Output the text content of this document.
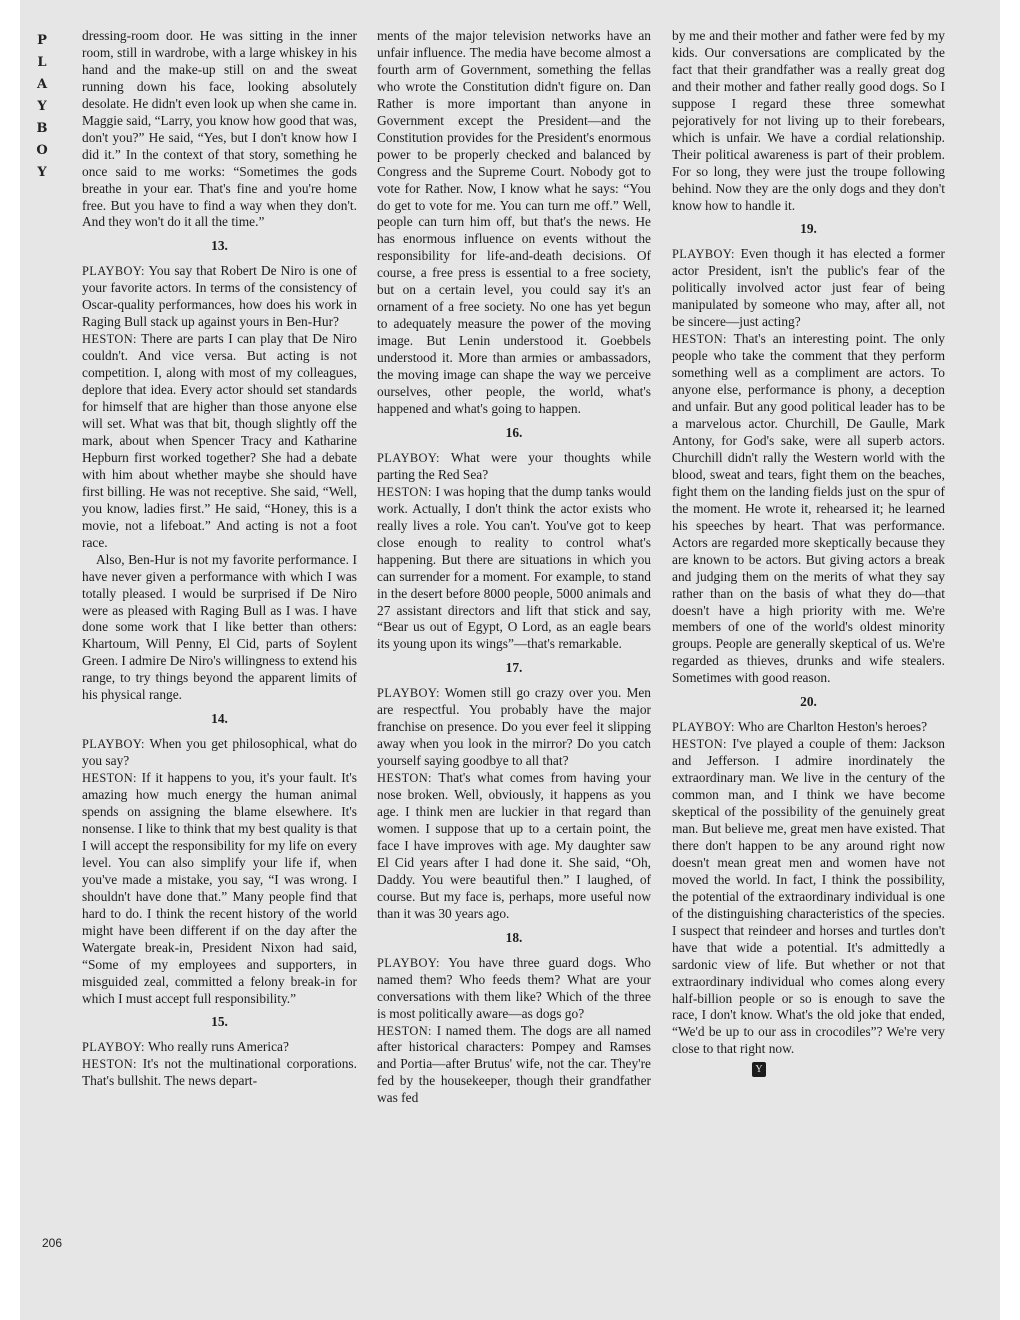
P
L
A
Y
B
O
Y

dressing-room door. He was sitting in the inner room, still in wardrobe, with a large whiskey in his hand and the make-up still on and the sweat running down his face, looking absolutely desolate. He didn't even look up when she came in. Maggie said, “Larry, you know how good that was, don't you?” He said, “Yes, but I don't know how I did it.” In the context of that story, something he once said to me works: “Sometimes the gods breathe in your ear. That's fine and you're home free. But you have to find a way when they don't. And they won't do it all the time.”

13.

PLAYBOY: You say that Robert De Niro is one of your favorite actors. In terms of the consistency of Oscar-quality performances, how does his work in Raging Bull stack up against yours in Ben-Hur?

HESTON: There are parts I can play that De Niro couldn't. And vice versa. But acting is not competition. I, along with most of my colleagues, deplore that idea. Every actor should set standards for himself that are higher than those anyone else will set. What was that bit, though slightly off the mark, about when Spencer Tracy and Katharine Hepburn first worked together? She had a debate with him about whether maybe she should have first billing. He was not receptive. She said, “Well, you know, ladies first.” He said, “Honey, this is a movie, not a lifeboat.” And acting is not a foot race.

Also, Ben-Hur is not my favorite performance. I have never given a performance with which I was totally pleased. I would be surprised if De Niro were as pleased with Raging Bull as I was. I have done some work that I like better than others: Khartoum, Will Penny, El Cid, parts of Soylent Green. I admire De Niro's willingness to extend his range, to try things beyond the apparent limits of his physical range.

14.

PLAYBOY: When you get philosophical, what do you say?

HESTON: If it happens to you, it's your fault. It's amazing how much energy the human animal spends on assigning the blame elsewhere. It's nonsense. I like to think that my best quality is that I will accept the responsibility for my life on every level. You can also simplify your life if, when you've made a mistake, you say, “I was wrong. I shouldn't have done that.” Many people find that hard to do. I think the recent history of the world might have been different if on the day after the Watergate break-in, President Nixon had said, “Some of my employees and supporters, in misguided zeal, committed a felony break-in for which I must accept full responsibility.”

15.

PLAYBOY: Who really runs America?

HESTON: It's not the multinational corporations. That's bullshit. The news depart-

ments of the major television networks have an unfair influence. The media have become almost a fourth arm of Government, something the fellas who wrote the Constitution didn't figure on. Dan Rather is more important than anyone in Government except the President—and the Constitution provides for the President's enormous power to be properly checked and balanced by Congress and the Supreme Court. Nobody got to vote for Rather. Now, I know what he says: “You do get to vote for me. You can turn me off.” Well, people can turn him off, but that's the news. He has enormous influence on events without the responsibility for life-and-death decisions. Of course, a free press is essential to a free society, but on a certain level, you could say it's an ornament of a free society. No one has yet begun to adequately measure the power of the moving image. But Lenin understood it. Goebbels understood it. More than armies or ambassadors, the moving image can shape the way we perceive ourselves, other people, the world, what's happened and what's going to happen.

16.

PLAYBOY: What were your thoughts while parting the Red Sea?

HESTON: I was hoping that the dump tanks would work. Actually, I don't think the actor exists who really lives a role. You can't. You've got to keep close enough to reality to control what's happening. But there are situations in which you can surrender for a moment. For example, to stand in the desert before 8000 people, 5000 animals and 27 assistant directors and lift that stick and say, “Bear us out of Egypt, O Lord, as an eagle bears its young upon its wings”—that's remarkable.

17.

PLAYBOY: Women still go crazy over you. Men are respectful. You probably have the major franchise on presence. Do you ever feel it slipping away when you look in the mirror? Do you catch yourself saying goodbye to all that?

HESTON: That's what comes from having your nose broken. Well, obviously, it happens as you age. I think men are luckier in that regard than women. I suppose that up to a certain point, the face I have improves with age. My daughter saw El Cid years after I had done it. She said, “Oh, Daddy. You were beautiful then.” I laughed, of course. But my face is, perhaps, more useful now than it was 30 years ago.

18.

PLAYBOY: You have three guard dogs. Who named them? Who feeds them? What are your conversations with them like? Which of the three is most politically aware—as dogs go?

HESTON: I named them. The dogs are all named after historical characters: Pompey and Ramses and Portia—after Brutus' wife, not the car. They're fed by the housekeeper, though their grandfather was fed

by me and their mother and father were fed by my kids. Our conversations are complicated by the fact that their grandfather was a really great dog and their mother and father really good dogs. So I suppose I regard these three somewhat pejoratively for not living up to their forebears, which is unfair. We have a cordial relationship. Their political awareness is part of their problem. For so long, they were just the troupe following behind. Now they are the only dogs and they don't know how to handle it.

19.

PLAYBOY: Even though it has elected a former actor President, isn't the public's fear of the politically involved actor just fear of being manipulated by someone who may, after all, not be sincere—just acting?

HESTON: That's an interesting point. The only people who take the comment that they perform something well as a compliment are actors. To anyone else, performance is phony, a deception and unfair. But any good political leader has to be a marvelous actor. Churchill, De Gaulle, Mark Antony, for God's sake, were all superb actors. Churchill didn't rally the Western world with the blood, sweat and tears, fight them on the beaches, fight them on the landing fields just on the spur of the moment. He wrote it, rehearsed it; he learned his speeches by heart. That was performance. Actors are regarded more skeptically because they are known to be actors. But giving actors a break and judging them on the merits of what they say rather than on the basis of what they do—that doesn't have a high priority with me. We're members of one of the world's oldest minority groups. People are generally skeptical of us. We're regarded as thieves, drunks and wife stealers. Sometimes with good reason.

20.

PLAYBOY: Who are Charlton Heston's heroes?

HESTON: I've played a couple of them: Jackson and Jefferson. I admire inordinately the extraordinary man. We live in the century of the common man, and I think we have become skeptical of the possibility of the genuinely great man. But believe me, great men have existed. That there don't happen to be any around right now doesn't mean great men and women have not moved the world. In fact, I think the possibility, the potential of the extraordinary individual is one of the distinguishing characteristics of the species. I suspect that reindeer and horses and turtles don't have that wide a potential. It's admittedly a sardonic view of life. But whether or not that extraordinary individual who comes along every half-billion people or so is enough to save the race, I don't know. What's the old joke that ended, “We'd be up to our ass in crocodiles”? We're very close to that right now.

Y
206
